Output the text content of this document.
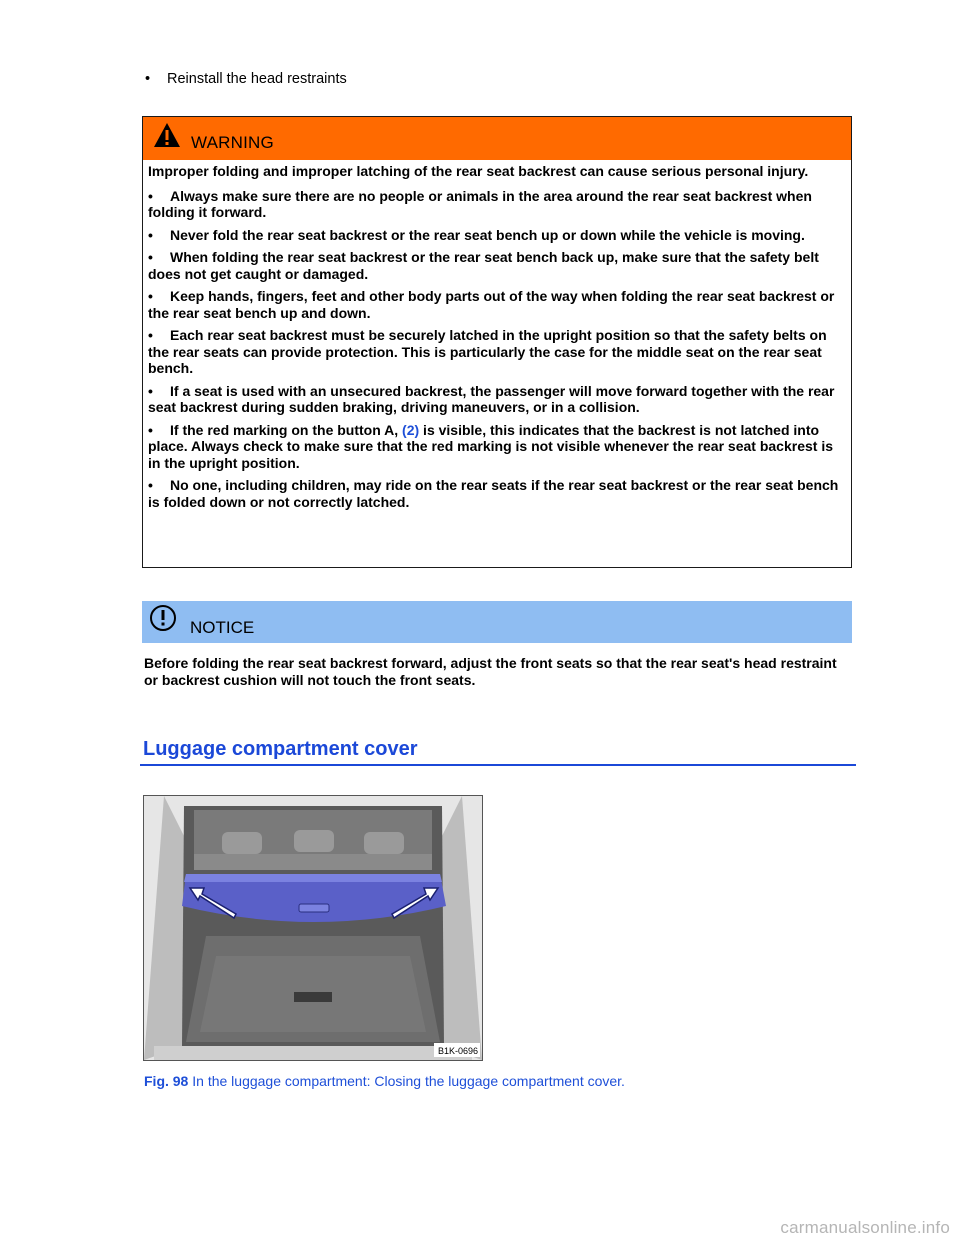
• Reinstall the head restraints
WARNING

Improper folding and improper latching of the rear seat backrest can cause serious personal injury.

• Always make sure there are no people or animals in the area around the rear seat backrest when folding it forward.
• Never fold the rear seat backrest or the rear seat bench up or down while the vehicle is moving.
• When folding the rear seat backrest or the rear seat bench back up, make sure that the safety belt does not get caught or damaged.
• Keep hands, fingers, feet and other body parts out of the way when folding the rear seat backrest or the rear seat bench up and down.
• Each rear seat backrest must be securely latched in the upright position so that the safety belts on the rear seats can provide protection. This is particularly the case for the middle seat on the rear seat bench.
• If a seat is used with an unsecured backrest, the passenger will move forward together with the rear seat backrest during sudden braking, driving maneuvers, or in a collision.
• If the red marking on the button A, (2) is visible, this indicates that the backrest is not latched into place. Always check to make sure that the red marking is not visible whenever the rear seat backrest is in the upright position.
• No one, including children, may ride on the rear seats if the rear seat backrest or the rear seat bench is folded down or not correctly latched.
NOTICE
Before folding the rear seat backrest forward, adjust the front seats so that the rear seat's head restraint or backrest cushion will not touch the front seats.
Luggage compartment cover
B1K-0696
Fig. 98 In the luggage compartment: Closing the luggage compartment cover.
carmanualsonline.info
